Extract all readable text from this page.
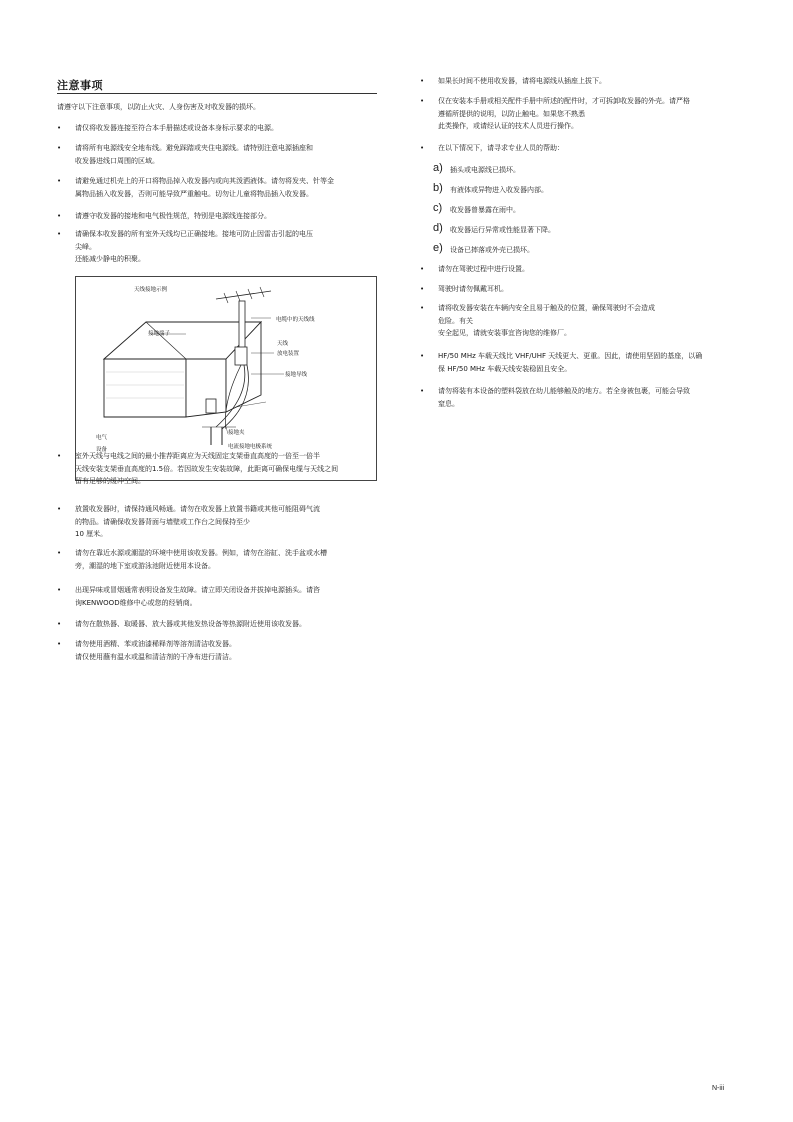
注意事项
请遵守以下注意事项，以防止火灾、人身伤害及对收发器的损坏。
• 请仅将收发器连接至符合本手册描述或设备本身标示要求的电源。
• 请将所有电源线安全地布线。避免踩踏或夹住电源线。请特别注意电源插座和
收发器进线口周围的区域。
• 请避免通过机壳上的开口将物品掉入收发器内或向其泼洒液体。请勿将发夹、针等金
属物品插入收发器，否则可能导致严重触电。切勿让儿童将物品插入收发器。
• 请遵守收发器的接地和电气极性规范，特别是电源线连接部分。
• 请确保本收发器的所有室外天线均已正确接地。接地可防止因雷击引起的电压
尖峰。
还能减少静电的积聚。
天线接地示例
电缆中的天线线
接地端子
天线
放电装置
接地导线
接地夹
电气
设备	电流接地电极系统
• 室外天线与电线之间的最小推荐距离应为天线固定支架垂直高度的一倍至一倍半
天线安装支架垂直高度的1.5倍。若因故发生安装故障，此距离可确保电缆与天线之间
留有足够的缓冲空间。
• 放置收发器时，请保持通风畅通。请勿在收发器上放置书籍或其他可能阻碍气流
的物品。请确保收发器背面与墙壁或工作台之间保持至少
10 厘米。
• 请勿在靠近水源或潮湿的环境中使用该收发器。例如，请勿在浴缸、洗手盆或水槽
旁，潮湿的地下室或游泳池附近使用本设备。
• 出现异味或冒烟通常表明设备发生故障。请立即关闭设备并拔掉电源插头。请咨
询KENWOOD维修中心或您的经销商。
• 请勿在散热器、取暖器、放大器或其他发热设备等热源附近使用该收发器。
• 请勿使用酒精、苯或油漆稀释剂等溶剂清洁收发器。
请仅使用蘸有温水或温和清洁剂的干净布进行清洁。
• 如果长时间不使用收发器，请将电源线从插座上拔下。
• 仅在安装本手册或相关配件手册中所述的配件时，才可拆卸收发器的外壳。请严格
遵循所提供的说明，以防止触电。如果您不熟悉
此类操作，或请经认证的技术人员进行操作。
• 在以下情况下，请寻求专业人员的帮助：
a) 插头或电源线已损坏。
b) 有液体或异物进入收发器内部。
c) 收发器曾暴露在雨中。
d) 收发器运行异常或性能显著下降。
e) 设备已摔落或外壳已损坏。
• 请勿在驾驶过程中进行设置。
• 驾驶时请勿佩戴耳机。
• 请将收发器安装在车辆内安全且易于触及的位置，确保驾驶时不会造成
危险。有关
安全起见，请就安装事宜咨询您的维修厂。
• HF/50 MHz 车载天线比 VHF/UHF 天线更大、更重。因此，请使用坚固的基座，以确
保 HF/50 MHz 车载天线安装稳固且安全。
• 请勿将装有本设备的塑料袋放在幼儿能够触及的地方。若全身被包裹，可能会导致
窒息。
N-iii
